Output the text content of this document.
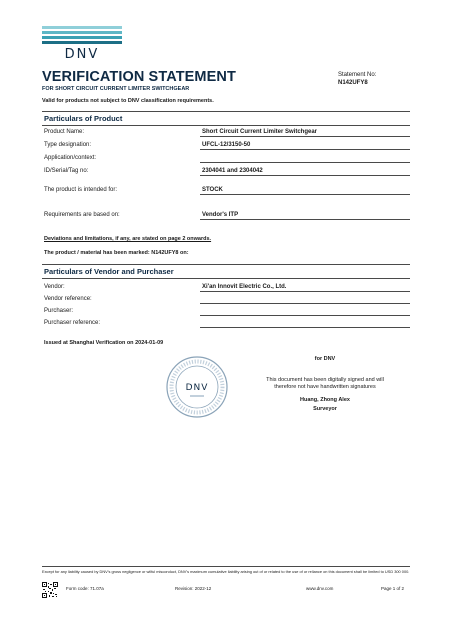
DNV
VERIFICATION STATEMENT
FOR SHORT CIRCUIT CURRENT LIMITER SWITCHGEAR
Statement No:
N142UFY8
Valid for products not subject to DNV classification requirements.
Particulars of Product
Product Name:	Short Circuit Current Limiter Switchgear
Type designation:	UFCL-12/3150-50
Application/context:
ID/Serial/Tag no:	2304041 and 2304042
The product is intended for:	STOCK
Requirements are based on:	Vendor's ITP
Deviations and limitations, if any, are stated on page 2 onwards.
The product / material has been marked: N142UFY8 on:
Particulars of Vendor and Purchaser
Vendor:	Xi'an Innovit Electric Co., Ltd.
Vendor reference:
Purchaser:
Purchaser reference:
Issued at Shanghai Verification on 2024-01-09
DNV
for DNV
This document has been digitally signed and will
therefore not have handwritten signatures
Huang, Zhong Alex
Surveyor
Except for any liability caused by DNV's gross negligence or wilful misconduct, DNV's maximum cumulative liability arising out of or related to the use of or reliance on this document shall be limited to USD 300 000.
Form code: 71.07a	Revision: 2022-12	www.dnv.com	Page 1 of 2
